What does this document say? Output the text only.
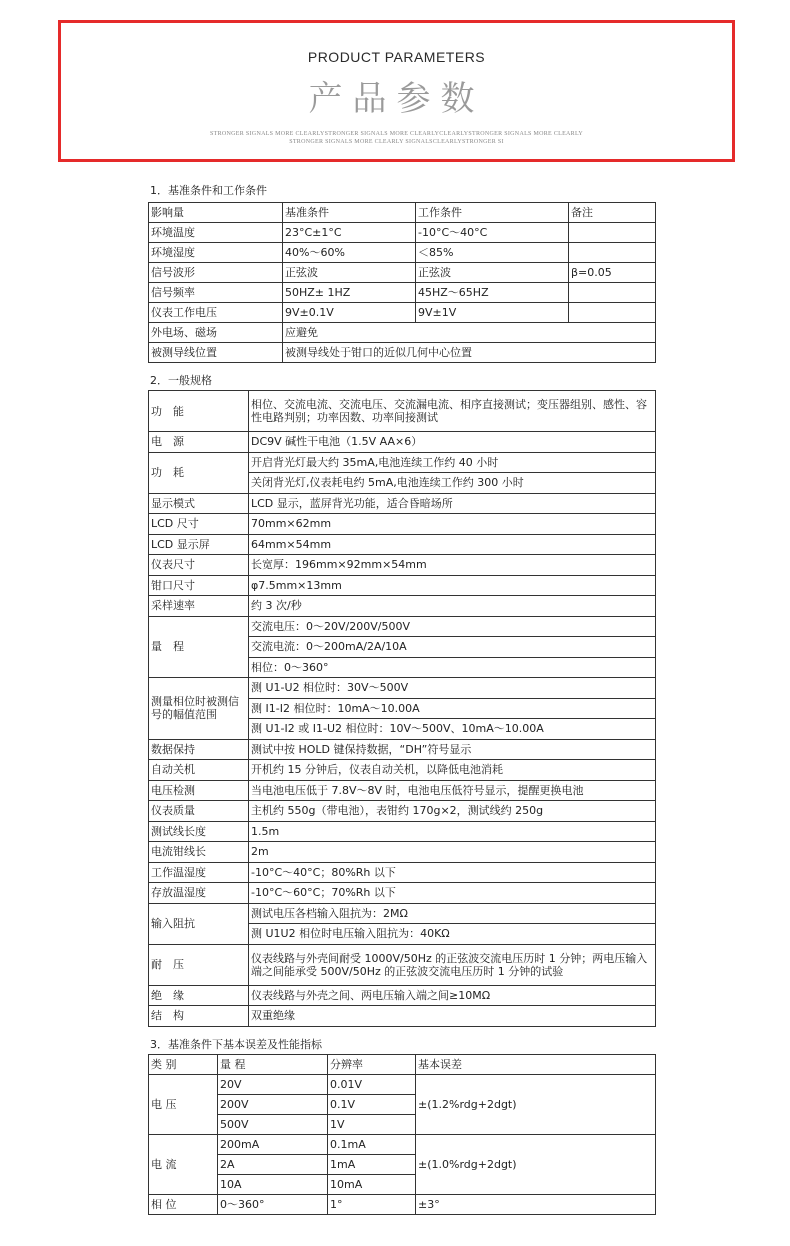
PRODUCT PARAMETERS
产品参数
STRONGER SIGNALS MORE CLEARLYSTRONGER SIGNALS MORE CLEARLYCLEARLYSTRONGER SIGNALS MORE CLEARLY
STRONGER SIGNALS MORE CLEARLY SIGNALSCLEARLYSTRONGER SI
1．基准条件和工作条件
影响量	基准条件	工作条件	备注
环境温度	23°C±1°C	-10°C～40°C	
环境湿度	40%～60%	＜85%	
信号波形	正弦波	正弦波	β=0.05
信号频率	50HZ± 1HZ	45HZ～65HZ	
仪表工作电压	9V±0.1V	9V±1V	
外电场、磁场	应避免		
被测导线位置	被测导线处于钳口的近似几何中心位置		
2．一般规格
功　能	相位、交流电流、交流电压、交流漏电流、相序直接测试；变压器组别、感性、容性电路判别；功率因数、功率间接测试
电　源	DC9V 碱性干电池（1.5V AA×6）
功　耗	开启背光灯最大约 35mA,电池连续工作约 40 小时
	关闭背光灯,仪表耗电约 5mA,电池连续工作约 300 小时
显示模式	LCD 显示，蓝屏背光功能，适合昏暗场所
LCD 尺寸	70mm×62mm
LCD 显示屏	64mm×54mm
仪表尺寸	长宽厚：196mm×92mm×54mm
钳口尺寸	φ7.5mm×13mm
采样速率	约 3 次/秒
量　程	交流电压：0～20V/200V/500V
	交流电流：0～200mA/2A/10A
	相位：0～360°
测量相位时被测信号的幅值范围	测 U1-U2 相位时：30V～500V
	测 I1-I2 相位时：10mA～10.00A
	测 U1-I2 或 I1-U2 相位时：10V～500V、10mA～10.00A
数据保持	测试中按 HOLD 键保持数据，“DH”符号显示
自动关机	开机约 15 分钟后，仪表自动关机，以降低电池消耗
电压检测	当电池电压低于 7.8V～8V 时，电池电压低符号显示，提醒更换电池
仪表质量	主机约 550g（带电池），表钳约 170g×2，测试线约 250g
测试线长度	1.5m
电流钳线长	2m
工作温湿度	-10°C～40°C；80%Rh 以下
存放温湿度	-10°C～60°C；70%Rh 以下
输入阻抗	测试电压各档输入阻抗为：2MΩ
	测 U1U2 相位时电压输入阻抗为：40KΩ
耐　压	仪表线路与外壳间耐受 1000V/50Hz 的正弦波交流电压历时 1 分钟；两电压输入端之间能承受 500V/50Hz 的正弦波交流电压历时 1 分钟的试验
绝　缘	仪表线路与外壳之间、两电压输入端之间≥10MΩ
结　构	双重绝缘
3．基准条件下基本误差及性能指标
类 别	量 程	分辨率	基本误差
电 压	20V	0.01V	±(1.2%rdg+2dgt)
	200V	0.1V	
	500V	1V	
电 流	200mA	0.1mA	±(1.0%rdg+2dgt)
	2A	1mA	
	10A	10mA	
相 位	0～360°	1°	±3°
